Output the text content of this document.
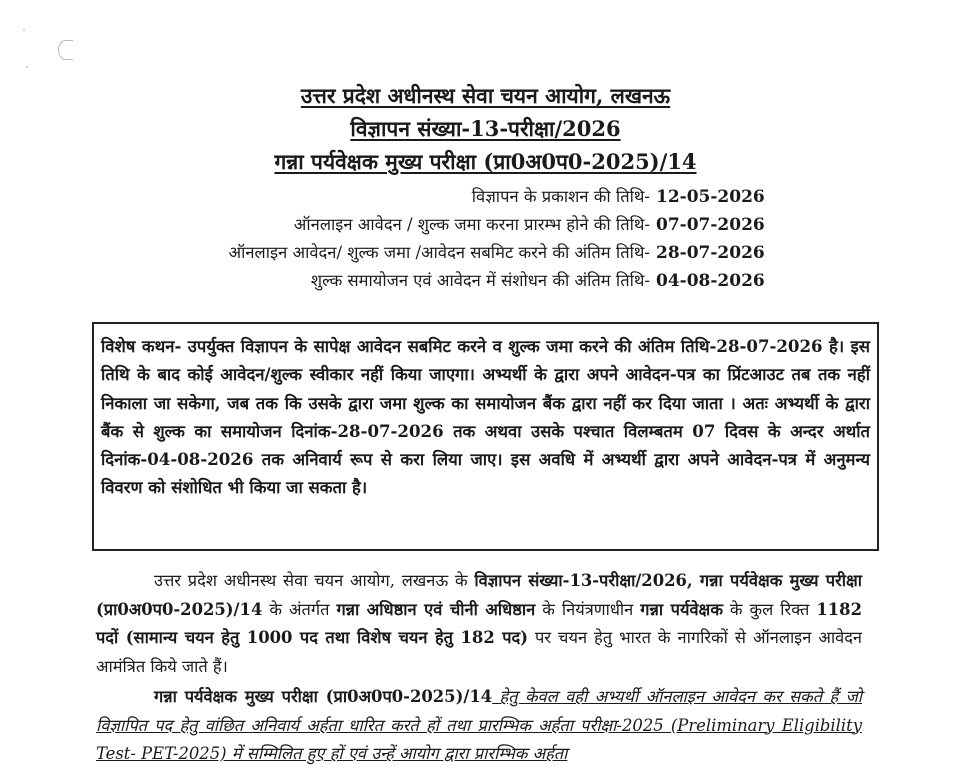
उत्तर प्रदेश अधीनस्थ सेवा चयन आयोग, लखनऊ
विज्ञापन संख्या-13-परीक्षा/2026
गन्ना पर्यवेक्षक मुख्य परीक्षा (प्रा0अ0प0-2025)/14
विज्ञापन के प्रकाशन की तिथि- 12-05-2026
ऑनलाइन आवेदन / शुल्क जमा करना प्रारम्भ होने की तिथि- 07-07-2026
ऑनलाइन आवेदन/ शुल्क जमा /आवेदन सबमिट करने की अंतिम तिथि- 28-07-2026
शुल्क समायोजन एवं आवेदन में संशोधन की अंतिम तिथि- 04-08-2026
विशेष कथन- उपर्युक्त विज्ञापन के सापेक्ष आवेदन सबमिट करने व शुल्क जमा करने की अंतिम तिथि-28-07-2026 है। इस तिथि के बाद कोई आवेदन/शुल्क स्वीकार नहीं किया जाएगा। अभ्यर्थी के द्वारा अपने आवेदन-पत्र का प्रिंटआउट तब तक नहीं निकाला जा सकेगा, जब तक कि उसके द्वारा जमा शुल्क का समायोजन बैंक द्वारा नहीं कर दिया जाता । अतः अभ्यर्थी के द्वारा बैंक से शुल्क का समायोजन दिनांक-28-07-2026 तक अथवा उसके पश्चात विलम्बतम 07 दिवस के अन्दर अर्थात दिनांक-04-08-2026 तक अनिवार्य रूप से करा लिया जाए। इस अवधि में अभ्यर्थी द्वारा अपने आवेदन-पत्र में अनुमन्य विवरण को संशोधित भी किया जा सकता है।
उत्तर प्रदेश अधीनस्थ सेवा चयन आयोग, लखनऊ के विज्ञापन संख्या-13-परीक्षा/2026, गन्ना पर्यवेक्षक मुख्य परीक्षा (प्रा0अ0प0-2025)/14 के अंतर्गत गन्ना अधिष्ठान एवं चीनी अधिष्ठान के नियंत्रणाधीन गन्ना पर्यवेक्षक के कुल रिक्त 1182 पदों (सामान्य चयन हेतु 1000 पद तथा विशेष चयन हेतु 182 पद) पर चयन हेतु भारत के नागरिकों से ऑनलाइन आवेदन आमंत्रित किये जाते हैं।
गन्ना पर्यवेक्षक मुख्य परीक्षा (प्रा0अ0प0-2025)/14 हेतु केवल वही अभ्यर्थी ऑनलाइन आवेदन कर सकते हैं जो विज्ञापित पद हेतु वांछित अनिवार्य अर्हता धारित करते हों तथा प्रारम्भिक अर्हता परीक्षा-2025 (Preliminary Eligibility Test- PET-2025) में सम्मिलित हुए हों एवं उन्हें आयोग द्वारा प्रारम्भिक अर्हता
